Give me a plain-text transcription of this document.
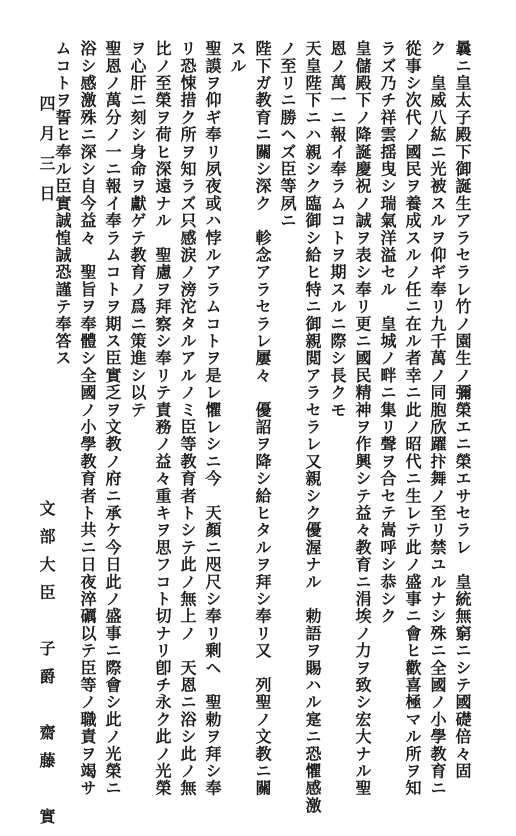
曩ニ皇太子殿下御誕生アラセラレ竹ノ園生ノ彌榮エニ榮エサセラレ　皇統無窮ニシテ國礎倍々固
ク　皇威八紘ニ光被スルヲ仰ギ奉リ九千萬ノ同胞欣躍抃舞ノ至リ禁ユルナシ殊ニ全國ノ小學教育ニ
從事シ次代ノ國民ヲ養成スルノ任ニ在ル者幸ニ此ノ昭代ニ生レテ此ノ盛事ニ會ヒ歡喜極マル所ヲ知
ラズ乃チ祥雲揺曳シ瑞氣洋溢セル　皇城ノ畔ニ集リ聲ヲ合セテ嵩呼シ恭シク
皇儲殿下ノ降誕慶祝ノ誠ヲ表シ奉リ更ニ國民精神ヲ作興シテ益々教育ニ涓埃ノ力ヲ致シ宏大ナル聖
恩ノ萬一ニ報イ奉ラムコトヲ期スルニ際シ長クモ
天皇陛下ニハ親シク臨御シ給ヒ特ニ御親閲アラセラレ又親シク優渥ナル　勅語ヲ賜ハル寔ニ恐懼感激
ノ至リニ勝ヘズ臣等夙ニ
陛下ガ教育ニ關シ深ク　軫念アラセラレ屢々　優詔ヲ降シ給ヒタルヲ拜シ奉リ又　列聖ノ文教ニ關
スル
聖謨ヲ仰ギ奉リ夙夜或ハ悖ルアラムコトヲ是レ懼レシニ今　天顏ニ咫尺シ奉リ剰ヘ　聖勅ヲ拜シ奉
リ恐悚措ク所ヲ知ラズ只感涙ノ滂沱タルアルノミ臣等教育者トシテ此ノ無上ノ　天恩ニ浴シ此ノ無
比ノ至榮ヲ荷ヒ深遠ナル　聖慮ヲ拜察シ奉リテ責務ノ益々重キヲ思フコト切ナリ卽チ永ク此ノ光榮
ヲ心肝ニ刻シ身命ヲ獻ゲテ教育ノ爲ニ策進シ以テ
聖恩ノ萬分ノ一ニ報イ奉ラムコトヲ期ス臣實乏ヲ文教ノ府ニ承ケ今日此ノ盛事ニ際會シ此ノ光榮ニ
浴シ感激殊ニ深シ自今益々　聖旨ヲ奉體シ全國ノ小學教育者ト共ニ日夜淬礪以テ臣等ノ職責ヲ竭サ
ムコトヲ誓ヒ奉ル臣實誠惶誠恐謹テ奉答ス
四月三日
文部大臣　子爵　齋藤　實
